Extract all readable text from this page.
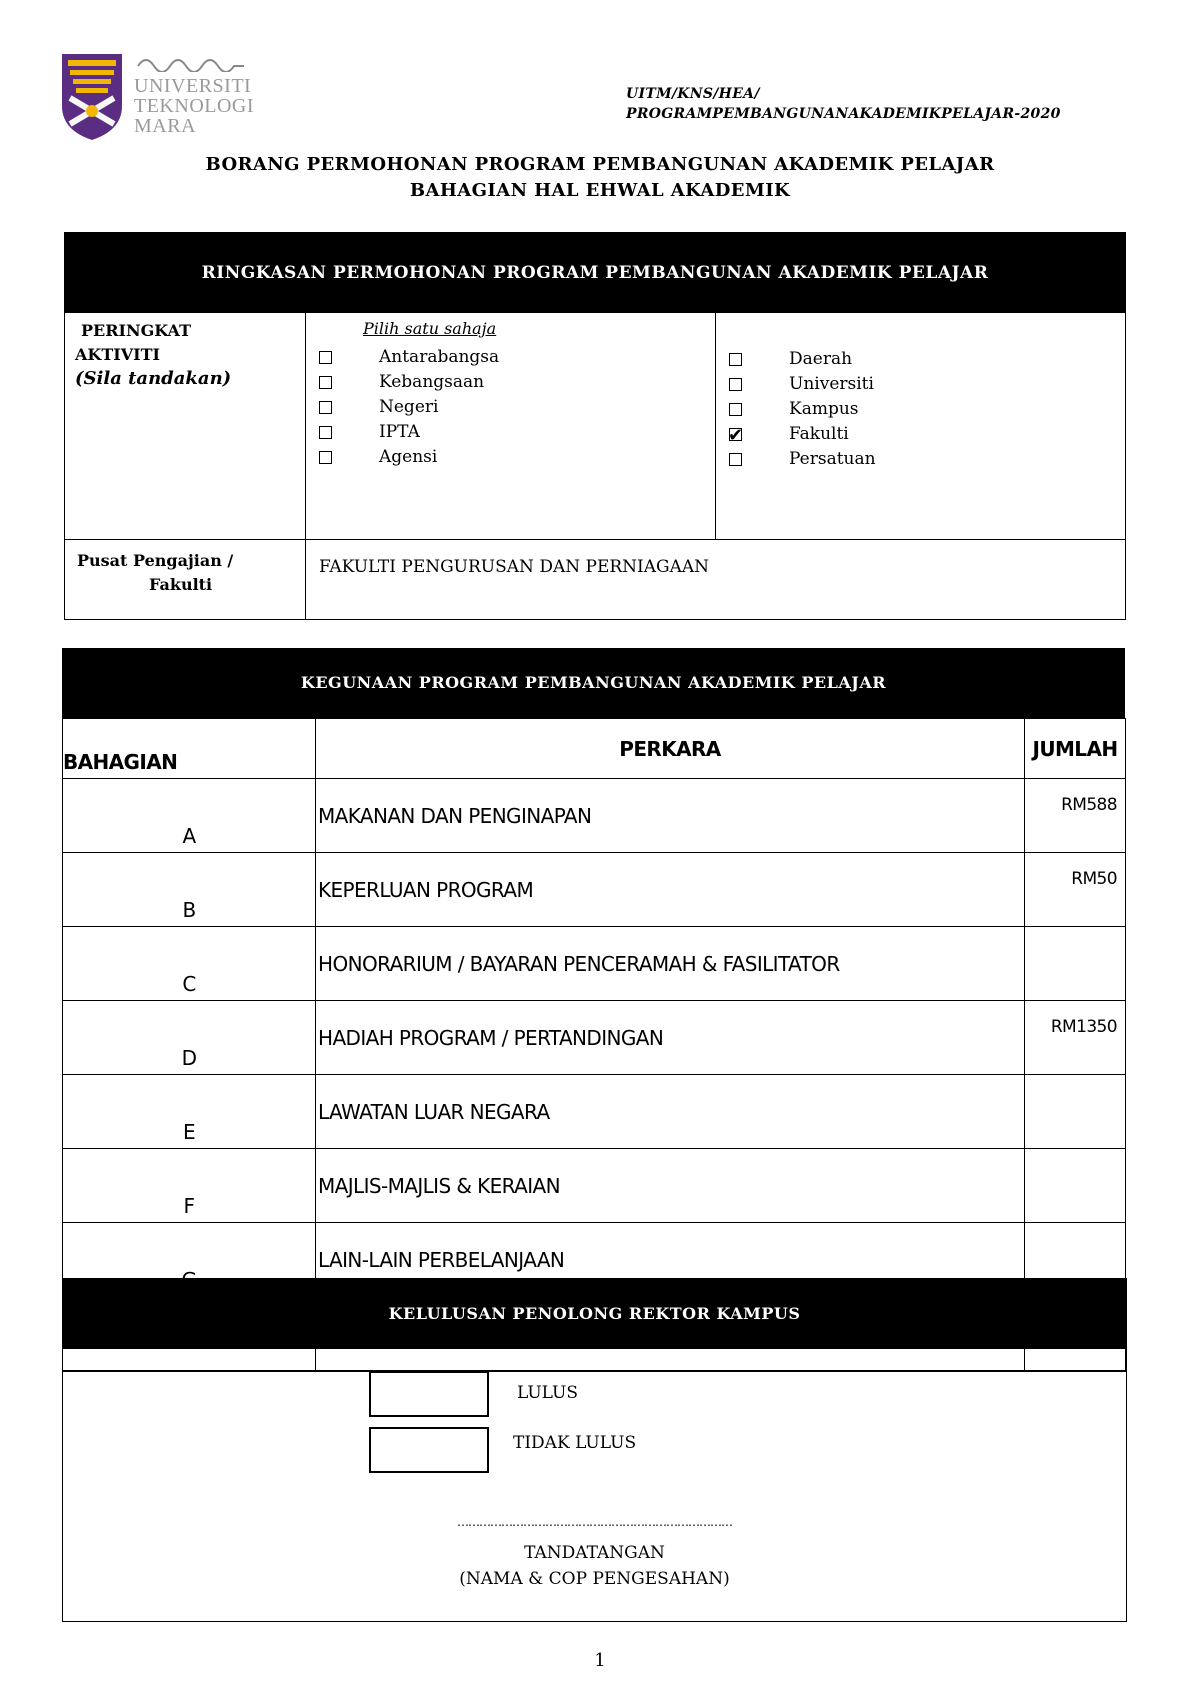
UNIVERSITI
TEKNOLOGI
MARA
UITM/KNS/HEA/
PROGRAMPEMBANGUNANAKADEMIKPELAJAR-2020
BORANG PERMOHONAN PROGRAM PEMBANGUNAN AKADEMIK PELAJAR
BAHAGIAN HAL EHWAL AKADEMIK
RINGKASAN PERMOHONAN PROGRAM PEMBANGUNAN AKADEMIK PELAJAR
PERINGKAT
AKTIVITI
(Sila tandakan)
Pilih satu sahaja
Pusat Pengajian /
Fakulti
FAKULTI PENGURUSAN DAN PERNIAGAAN
Antarabangsa
Kebangsaan
Negeri
IPTA
Agensi
Daerah
Universiti
Kampus
✔	Fakulti
Persatuan
KEGUNAAN PROGRAM PEMBANGUNAN AKADEMIK PELAJAR
BAHAGIAN	PERKARA	JUMLAH
A	MAKANAN DAN PENGINAPAN	RM588
B	KEPERLUAN PROGRAM	RM50
C	HONORARIUM / BAYARAN PENCERAMAH & FASILITATOR	
D	HADIAH PROGRAM / PERTANDINGAN	RM1350
E	LAWATAN LUAR NEGARA	
F	MAJLIS-MAJLIS & KERAIAN	
	LAIN-LAIN PERBELANJAAN	

KELULUSAN PENOLONG REKTOR KAMPUS
LULUS
TIDAK LULUS
…………………………………………………………………
TANDATANGAN
(NAMA & COP PENGESAHAN)
1
